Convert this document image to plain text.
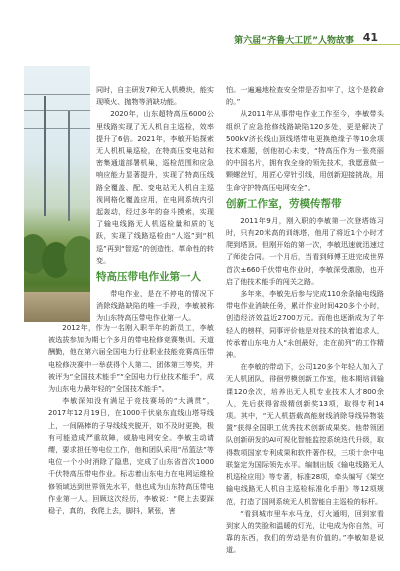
第六届“齐鲁大工匠”人物故事 41

同时，自主研发7种无人机模块，能实现喷火、抛物等消缺功能。

2020年，山东超特高压6000公里线路实现了无人机自主巡检，效率提升了6倍。2021年，李敏开始探索无人机机巢巡检，在特高压变电站和密集通道部署机巢，巡检范围和应急响应能力显著提升，实现了特高压线路全覆盖、配、变电站无人机自主巡视网格化覆盖应用，在电网系统内引起轰动，经过多年的奋斗摸索，实现了输电线路无人机巡检量和质的飞跃，实现了线路巡检由“人巡”到“机巡”再到“智巡”的创造性、革命性的转变。

特高压带电作业第一人

带电作业，是在不停电的情况下消除线路缺陷的唯一手段，李敏被称为山东特高压带电作业第一人。

2012年，作为一名刚入职半年的新员工，李敏被选拔参加为期七个多月的带电检修竞赛集训。天道酬勤，他在第六届全国电力行业职业技能竞赛高压带电检修决赛中一举获得个人第二、团体第三等奖，并被评为“全国技术能手”“全国电力行业技术能手”，成为山东电力最年轻的“全国技术能手”。

李敏深知没有满足于竞技赛场的“大满贯”，2017年12月19日，在1000千伏泉东直线山塔导线上，一间隔棒的子导线线夹脱开，如不及时更换，极有可能造成严重故障，威胁电网安全。李敏主动请缨，要求担任等电位工作，他和团队采用“吊篮法”等电位一个小时消除了隐患，完成了山东省首次1000千伏特高压带电作业。标志着山东电力在电网运维检修领域达到世界领先水平，他也成为山东特高压带电作业第一人。回顾这次经历，李敏说：“爬上去要踩稳子，真的，我爬上去，脚抖，紧张，害

怕。一遍遍地检查安全带是否扣牢了，这个是救命的。”

从2011年从事带电作业工作至今，李敏带头组织了应急抢修线路缺陷120多处，更是解决了500kV济长线山顶线塔带电更换绝缘子等10余项技术难题，创他初心未变，“特高压作为一张亮丽的中国名片，拥有我全身的领先技术，我愿意做一颗螺丝钉，用匠心穿针引线，用创新迎接挑战，用生命守护特高压电网安全”。

创新工作室，劳模传帮带

2011年9月，刚入职的李敏第一次登塔练习时，只有20米高的训练塔，他用了将近1个小时才爬到塔顶。但刚开始的第一次，李敏迅速就迅速过了师徒合同。一个月后，当看到师傅王进完成世界首次±660千伏带电作业时，李敏深受激励，也开启了他技术能手的闯关之路。

多年来，李敏先后参与完成110余条输电线路带电作业消缺任务，累计作业时间420多个小时，创造经济效益近2700万元。而他也逐渐成为了年轻人的榜样，同事评价他是对技术的执着追求人，传承着山东电力人“永创最好，走在前列”的工作精神。

在李敏的带动下，公司120多个年轻人加入了无人机团队，徘徊劳模创新工作室，他本期培训输课120余次，培养出无人机专业技术人才800余人，先后获得省级精创新奖13项，取得专利14项。其中，“无人机搭载高能射线消除导线异物装置”获得全国职工优秀技术创新成果奖。他带领团队创新研发的AI可视化智能监控系统迭代升级，取得数项国家专利成果和软件著作权，三项十余中电联鉴定为国际领先水平。编制出版《输电线路无人机巡检应用》等专著，标准28项，牵头编写《架空输电线路无人机自主巡检标准化手册》等12项规范，打造了国网系统无人机智能自主巡检的标杆。

“看到城市里车水马龙，灯火通明，回到家看到家人的笑脸和温暖的灯光，让电成为你自然，可靠的东西，我们的劳动是有价值的。”李敏如是说道。
